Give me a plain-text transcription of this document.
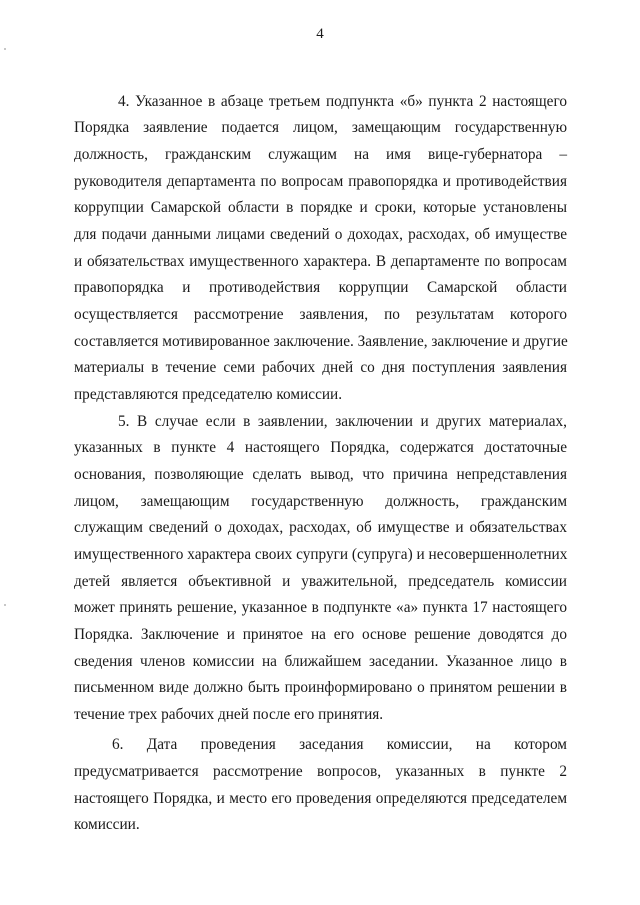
4
4. Указанное в абзаце третьем подпункта «б» пункта 2 настоящего
Порядка заявление подается лицом, замещающим государственную
должность, гражданским служащим на имя вице-губернатора –
руководителя департамента по вопросам правопорядка и противодействия
коррупции Самарской области в порядке и сроки, которые установлены
для подачи данными лицами сведений о доходах, расходах, об имуществе
и обязательствах имущественного характера. В департаменте по вопросам
правопорядка и противодействия коррупции Самарской области
осуществляется рассмотрение заявления, по результатам которого
составляется мотивированное заключение. Заявление, заключение и другие
материалы в течение семи рабочих дней со дня поступления заявления
представляются председателю комиссии.
5. В случае если в заявлении, заключении и других материалах,
указанных в пункте 4 настоящего Порядка, содержатся достаточные
основания, позволяющие сделать вывод, что причина непредставления
лицом, замещающим государственную должность, гражданским
служащим сведений о доходах, расходах, об имуществе и обязательствах
имущественного характера своих супруги (супруга) и несовершеннолетних
детей является объективной и уважительной, председатель комиссии
может принять решение, указанное в подпункте «а» пункта 17 настоящего
Порядка. Заключение и принятое на его основе решение доводятся до
сведения членов комиссии на ближайшем заседании. Указанное лицо в
письменном виде должно быть проинформировано о принятом решении в
течение трех рабочих дней после его принятия.
6. Дата проведения заседания комиссии, на котором
предусматривается рассмотрение вопросов, указанных в пункте 2
настоящего Порядка, и место его проведения определяются председателем
комиссии.
